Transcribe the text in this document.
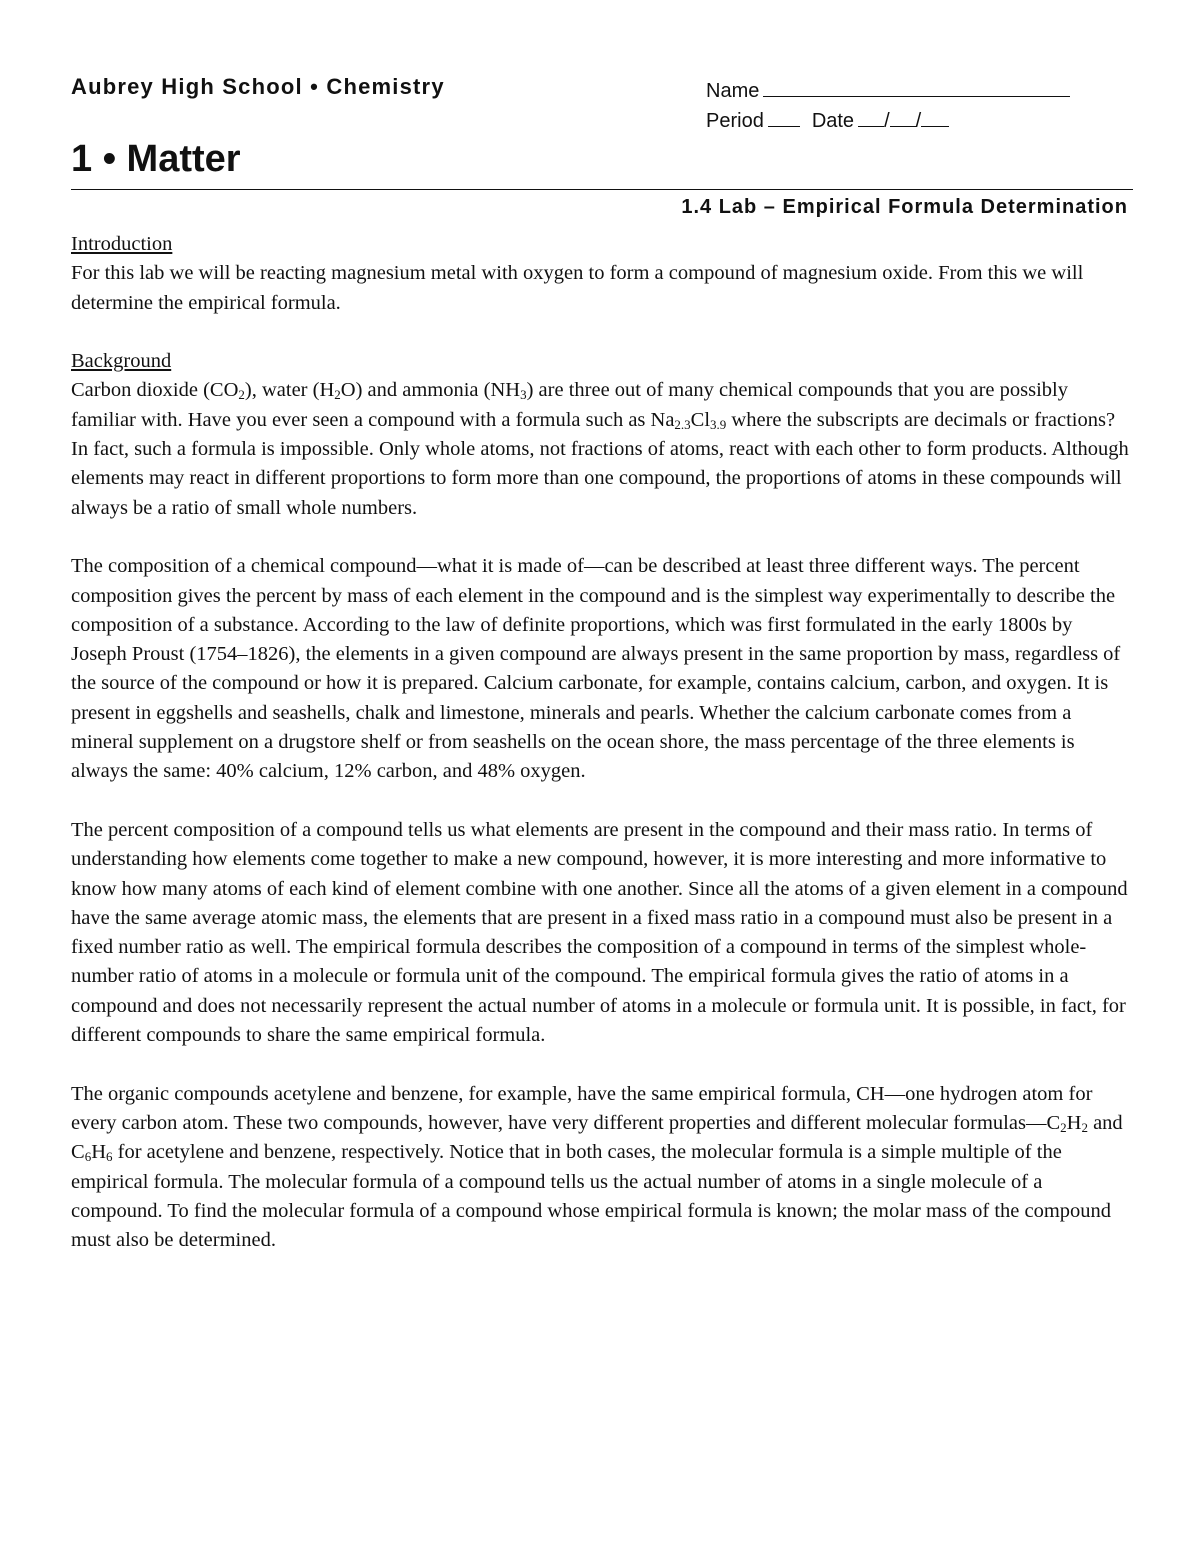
Aubrey High School • Chemistry	Name
Period Date / /
1 • Matter
1.4 Lab – Empirical Formula Determination
Introduction

For this lab we will be reacting magnesium metal with oxygen to form a compound of magnesium oxide. From this we will determine the empirical formula.

Background

Carbon dioxide $(CO_2)$, water $(H_2O)$ and ammonia $(NH_3)$ are three out of many chemical compounds that you are possibly familiar with. Have you ever seen a compound with a formula such as $Na_{2.3}Cl_{3.9}$ where the subscripts are decimals or fractions? In fact, such a formula is impossible. Only whole atoms, not fractions of atoms, react with each other to form products. Although elements may react in different proportions to form more than one compound, the proportions of atoms in these compounds will always be a ratio of small whole numbers.

The composition of a chemical compound—what it is made of—can be described at least three different ways. The percent composition gives the percent by mass of each element in the compound and is the simplest way experimentally to describe the composition of a substance. According to the law of definite proportions, which was first formulated in the early 1800s by Joseph Proust (1754–1826), the elements in a given compound are always present in the same proportion by mass, regardless of the source of the compound or how it is prepared. Calcium carbonate, for example, contains calcium, carbon, and oxygen. It is present in eggshells and seashells, chalk and limestone, minerals and pearls. Whether the calcium carbonate comes from a mineral supplement on a drugstore shelf or from seashells on the ocean shore, the mass percentage of the three elements is always the same: 40% calcium, 12% carbon, and 48% oxygen.

The percent composition of a compound tells us what elements are present in the compound and their mass ratio. In terms of understanding how elements come together to make a new compound, however, it is more interesting and more informative to know how many atoms of each kind of element combine with one another. Since all the atoms of a given element in a compound have the same average atomic mass, the elements that are present in a fixed mass ratio in a compound must also be present in a fixed number ratio as well. The empirical formula describes the composition of a compound in terms of the simplest whole-number ratio of atoms in a molecule or formula unit of the compound. The empirical formula gives the ratio of atoms in a compound and does not necessarily represent the actual number of atoms in a molecule or formula unit. It is possible, in fact, for different compounds to share the same empirical formula.

The organic compounds acetylene and benzene, for example, have the same empirical formula, CH—one hydrogen atom for every carbon atom. These two compounds, however, have very different properties and different molecular $formulas—C_2H_2$ and $C_6H_6$ for acetylene and benzene, respectively. Notice that in both cases, the molecular formula is a simple multiple of the empirical formula. The molecular formula of a compound tells us the actual number of atoms in a single molecule of a compound. To find the molecular formula of a compound whose empirical formula is known; the molar mass of the compound must also be determined.
